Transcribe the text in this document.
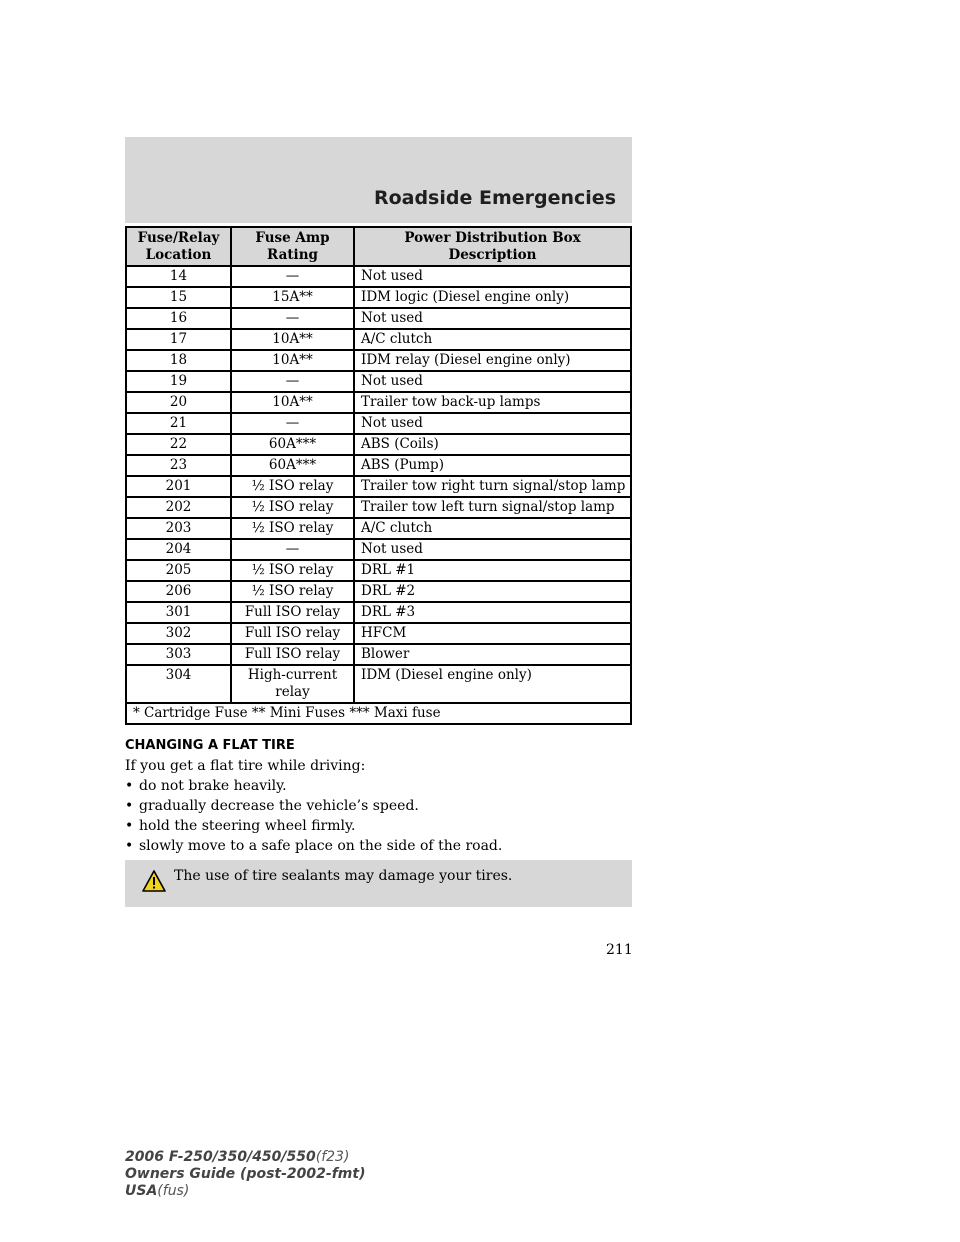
Roadside Emergencies
Fuse/Relay Location	Fuse Amp Rating	Power Distribution Box Description
14	—	Not used
15	15A**	IDM logic (Diesel engine only)
16	—	Not used
17	10A**	A/C clutch
18	10A**	IDM relay (Diesel engine only)
19	—	Not used
20	10A**	Trailer tow back-up lamps
21	—	Not used
22	60A***	ABS (Coils)
23	60A***	ABS (Pump)
201	½ ISO relay	Trailer tow right turn signal/stop lamp
202	½ ISO relay	Trailer tow left turn signal/stop lamp
203	½ ISO relay	A/C clutch
204	—	Not used
205	½ ISO relay	DRL #1
206	½ ISO relay	DRL #2
301	Full ISO relay	DRL #3
302	Full ISO relay	HFCM
303	Full ISO relay	Blower
304	High-current relay	IDM (Diesel engine only)
* Cartridge Fuse ** Mini Fuses *** Maxi fuse		
CHANGING A FLAT TIRE
If you get a flat tire while driving:
• do not brake heavily.
• gradually decrease the vehicle’s speed.
• hold the steering wheel firmly.
• slowly move to a safe place on the side of the road.
The use of tire sealants may damage your tires.
211
2006 F-250/350/450/550(f23)
Owners Guide (post-2002-fmt)
USA(fus)
